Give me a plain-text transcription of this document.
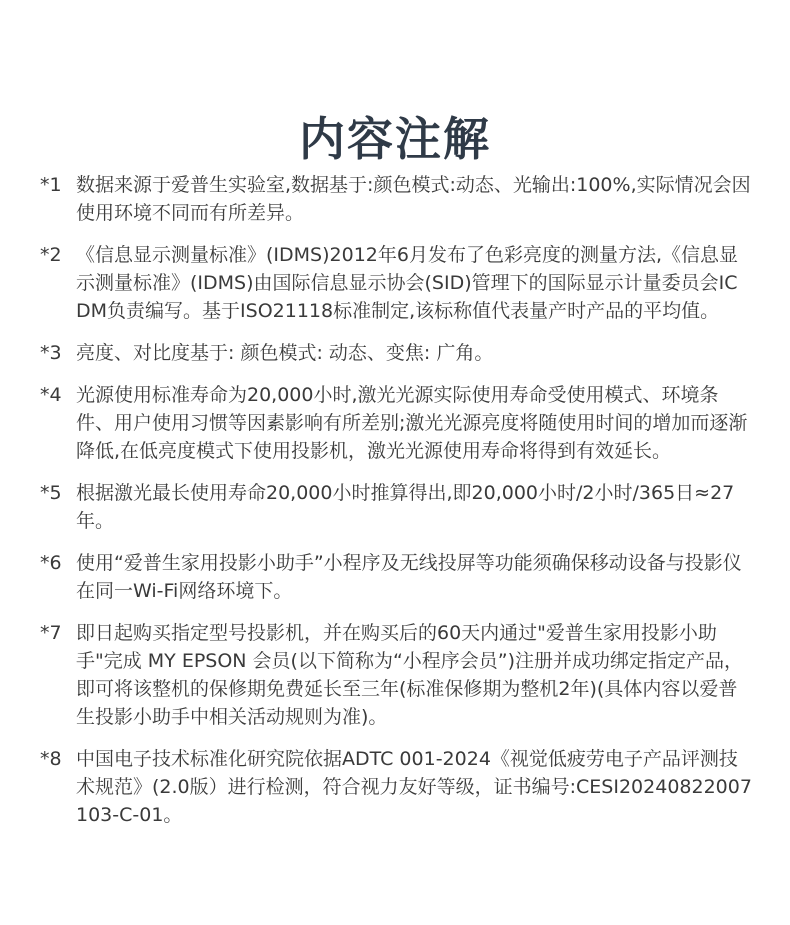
内容注解
*1 数据来源于爱普生实验室,数据基于:颜色模式:动态、光输出:100%,实际情况会因使用环境不同而有所差异。
*2 《信息显示测量标准》(IDMS)2012年6月发布了色彩亮度的测量方法,《信息显示测量标准》(IDMS)由国际信息显示协会(SID)管理下的国际显示计量委员会ICDM负责编写。基于ISO21118标准制定,该标称值代表量产时产品的平均值。
*3 亮度、对比度基于: 颜色模式: 动态、变焦: 广角。
*4 光源使用标准寿命为20,000小时,激光光源实际使用寿命受使用模式、环境条件、用户使用习惯等因素影响有所差别;激光光源亮度将随使用时间的增加而逐渐降低,在低亮度模式下使用投影机，激光光源使用寿命将得到有效延长。
*5 根据激光最长使用寿命20,000小时推算得出,即20,000小时/2小时/365日≈27年。
*6 使用“爱普生家用投影小助手”小程序及无线投屏等功能须确保移动设备与投影仪在同一Wi-Fi网络环境下。
*7 即日起购买指定型号投影机，并在购买后的60天内通过"爱普生家用投影小助手"完成 MY EPSON 会员(以下简称为“小程序会员”)注册并成功绑定指定产品，即可将该整机的保修期免费延长至三年(标准保修期为整机2年)(具体内容以爱普生投影小助手中相关活动规则为准)。
*8 中国电子技术标准化研究院依据ADTC 001-2024《视觉低疲劳电子产品评测技术规范》(2.0版）进行检测，符合视力友好等级，证书编号:CESI20240822007103-C-01。
